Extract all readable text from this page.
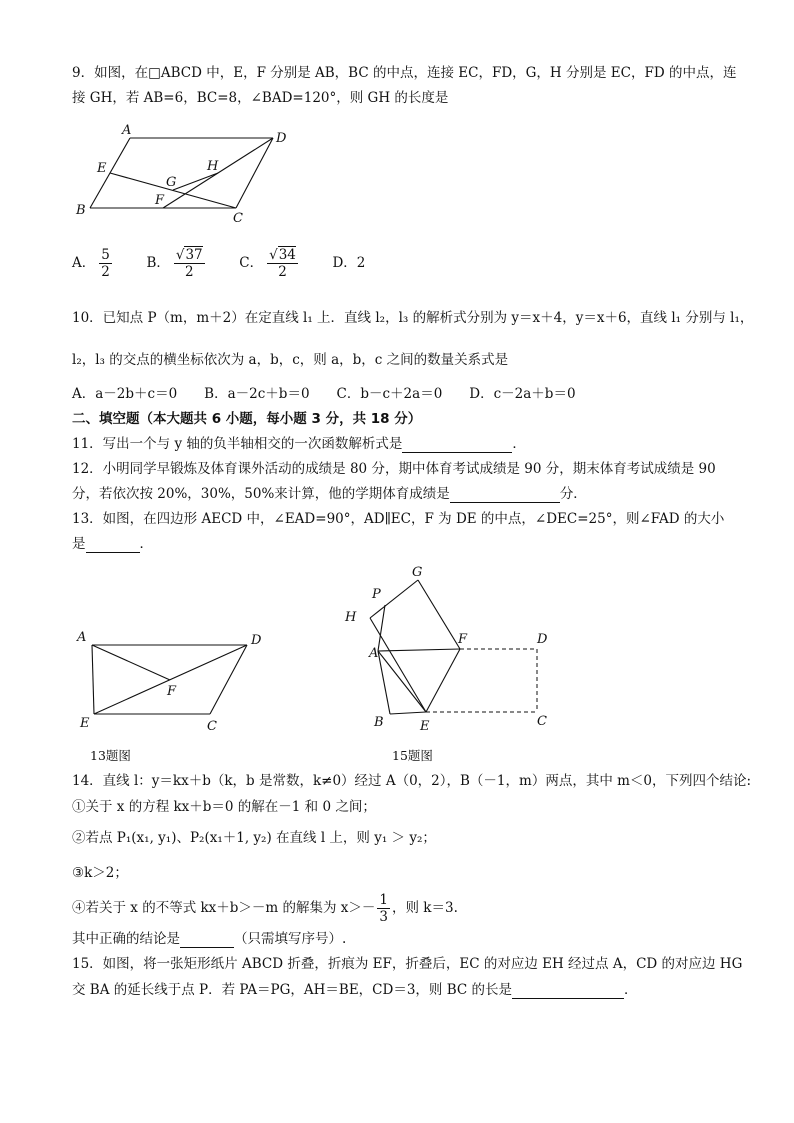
9．如图，在□ABCD 中，E，F 分别是 AB，BC 的中点，连接 EC，FD，G，H 分别是 EC，FD 的中点，连
接 GH，若 AB=6，BC=8，∠BAD=120°，则 GH 的长度是
A
D
E	H
G
F
B
C
A． $\frac{5}{2}$	B． $\frac{√37}{2}$	C． $\frac{√34}{2}$	D．2
10．已知点 P（m，m＋2）在定直线 l₁ 上．直线 l₂，l₃ 的解析式分别为 y＝x＋4，y＝x＋6，直线 l₁ 分别与 l₁，
l₂，l₃ 的交点的横坐标依次为 a，b，c，则 a，b，c 之间的数量关系式是
A．a－2b＋c＝0　　B．a－2c＋b＝0　　C．b－c＋2a＝0　　D．c－2a＋b＝0
二、填空题（本大题共 6 小题，每小题 3 分，共 18 分）
11．写出一个与 y 轴的负半轴相交的一次函数解析式是	．
12．小明同学早锻炼及体育课外活动的成绩是 80 分，期中体育考试成绩是 90 分，期末体育考试成绩是 90
分，若依次按 20%，30%，50%来计算，他的学期体育成绩是	分．
13．如图，在四边形 AECD 中，∠EAD=90°，AD∥EC，F 为 DE 的中点，∠DEC=25°，则∠FAD 的大小
是	．
A	D
F
E	C
13题图
G
P
H
A
F	D
B	E	C
15题图
14．直线 l：y＝kx＋b（k，b 是常数，k≠0）经过 A（0，2），B（－1，m）两点，其中 m＜0，下列四个结论:
①关于 x 的方程 kx＋b＝0 的解在－1 和 0 之间；
②若点 P₁(x₁, y₁)、P₂(x₁＋1, y₂) 在直线 l 上，则 y₁ ＞ y₂；
③k＞2；
④若关于 x 的不等式 kx＋b＞－m 的解集为 $x>- \frac{1}{3}$ ，则 k＝3.
其中正确的结论是	（只需填写序号）.
15．如图，将一张矩形纸片 ABCD 折叠，折痕为 EF，折叠后，EC 的对应边 EH 经过点 A，CD 的对应边 HG
交 BA 的延长线于点 P．若 PA＝PG，AH＝BE，CD＝3，则 BC 的长是	．
